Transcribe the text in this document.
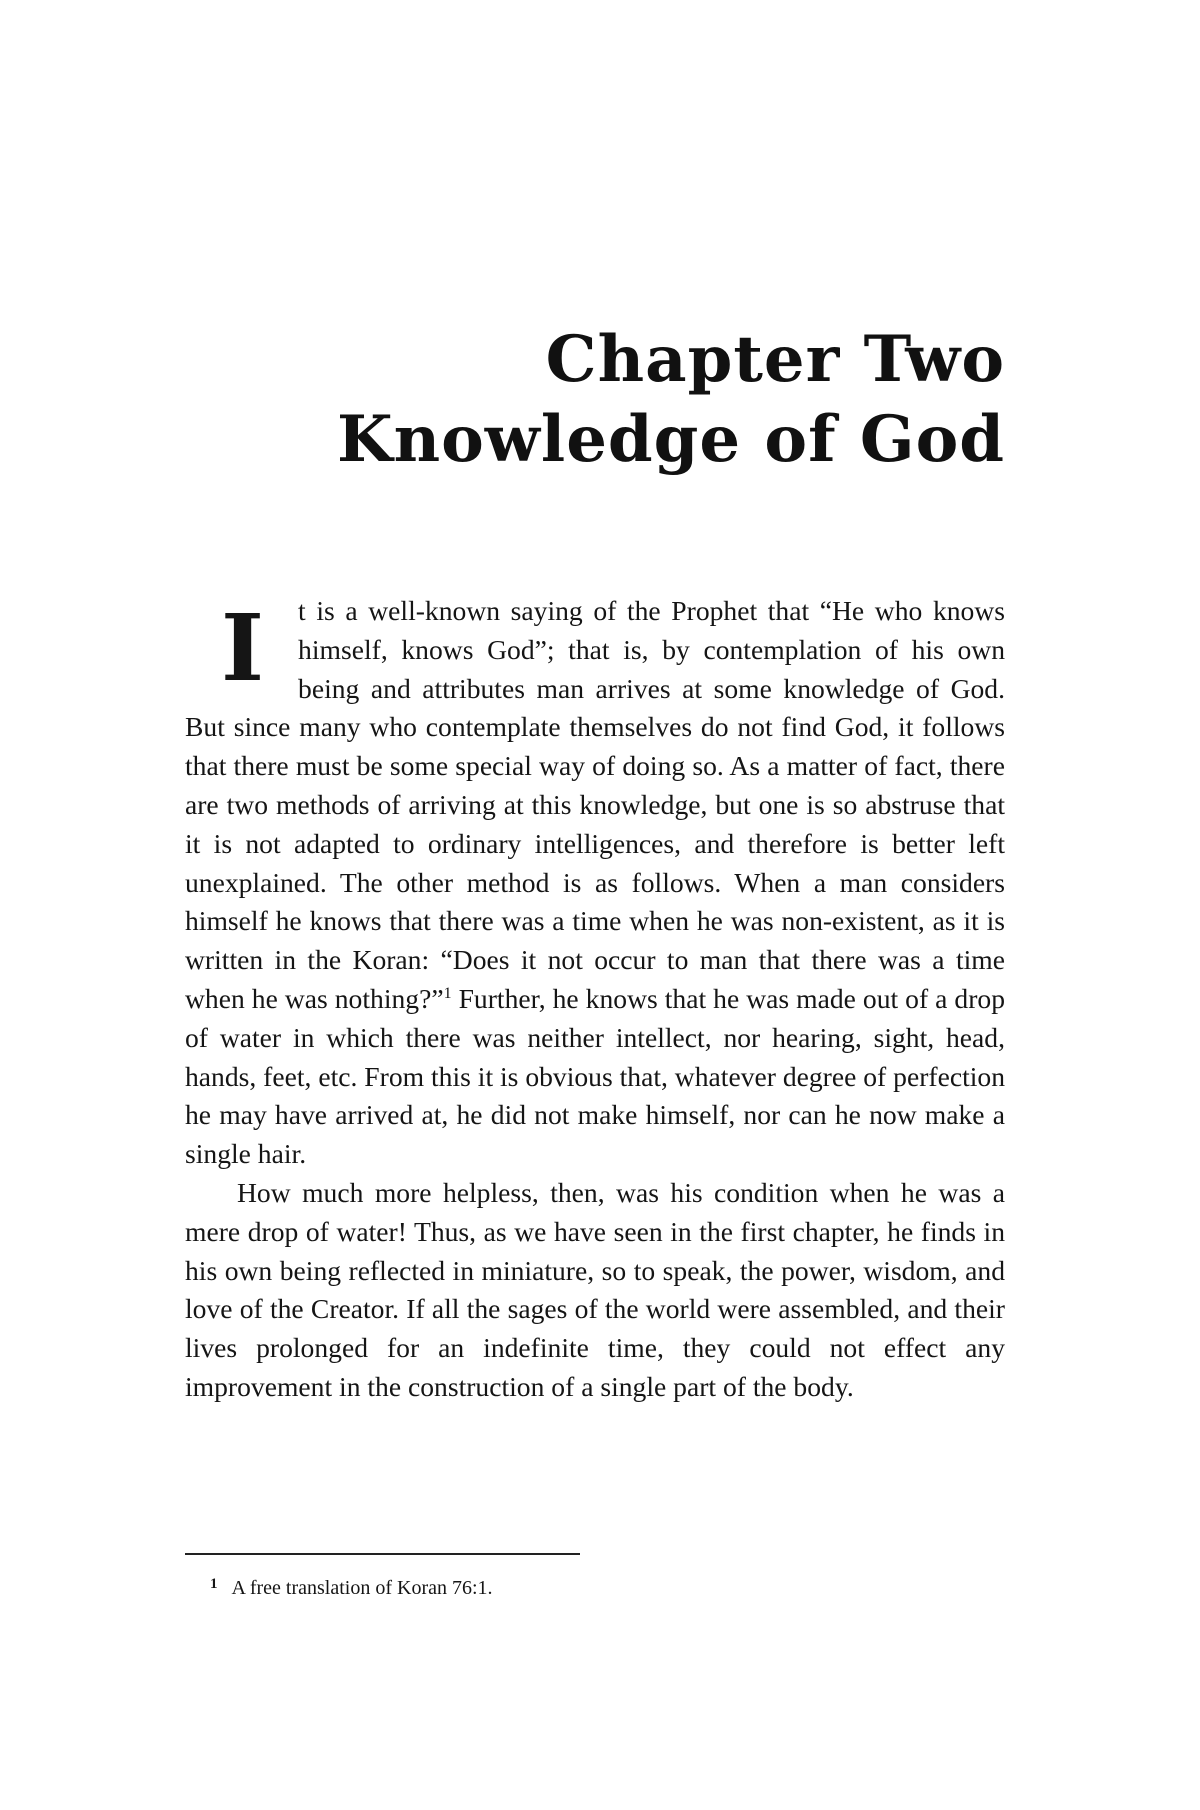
Chapter Two
Knowledge of God

I t is a well-known saying of the Prophet that “He who knows himself, knows God”; that is, by contemplation of his own being and attributes man arrives at some knowledge of God. But since many who contemplate themselves do not find God, it follows that there must be some special way of doing so. As a matter of fact, there are two methods of arriving at this knowledge, but one is so abstruse that it is not adapted to ordinary intelligences, and therefore is better left unexplained. The other method is as follows. When a man considers himself he knows that there was a time when he was non-existent, as it is written in the Koran: “Does it not occur to man that there was a time when he was nothing?”$^1$ Further, he knows that he was made out of a drop of water in which there was neither intellect, nor hearing, sight, head, hands, feet, etc. From this it is obvious that, whatever degree of perfection he may have arrived at, he did not make himself, nor can he now make a single hair.

How much more helpless, then, was his condition when he was a mere drop of water! Thus, as we have seen in the first chapter, he finds in his own being reflected in miniature, so to speak, the power, wisdom, and love of the Creator. If all the sages of the world were assembled, and their lives prolonged for an indefinite time, they could not effect any improvement in the construction of a single part of the body.

$^1$ A free translation of Koran 76:1.
